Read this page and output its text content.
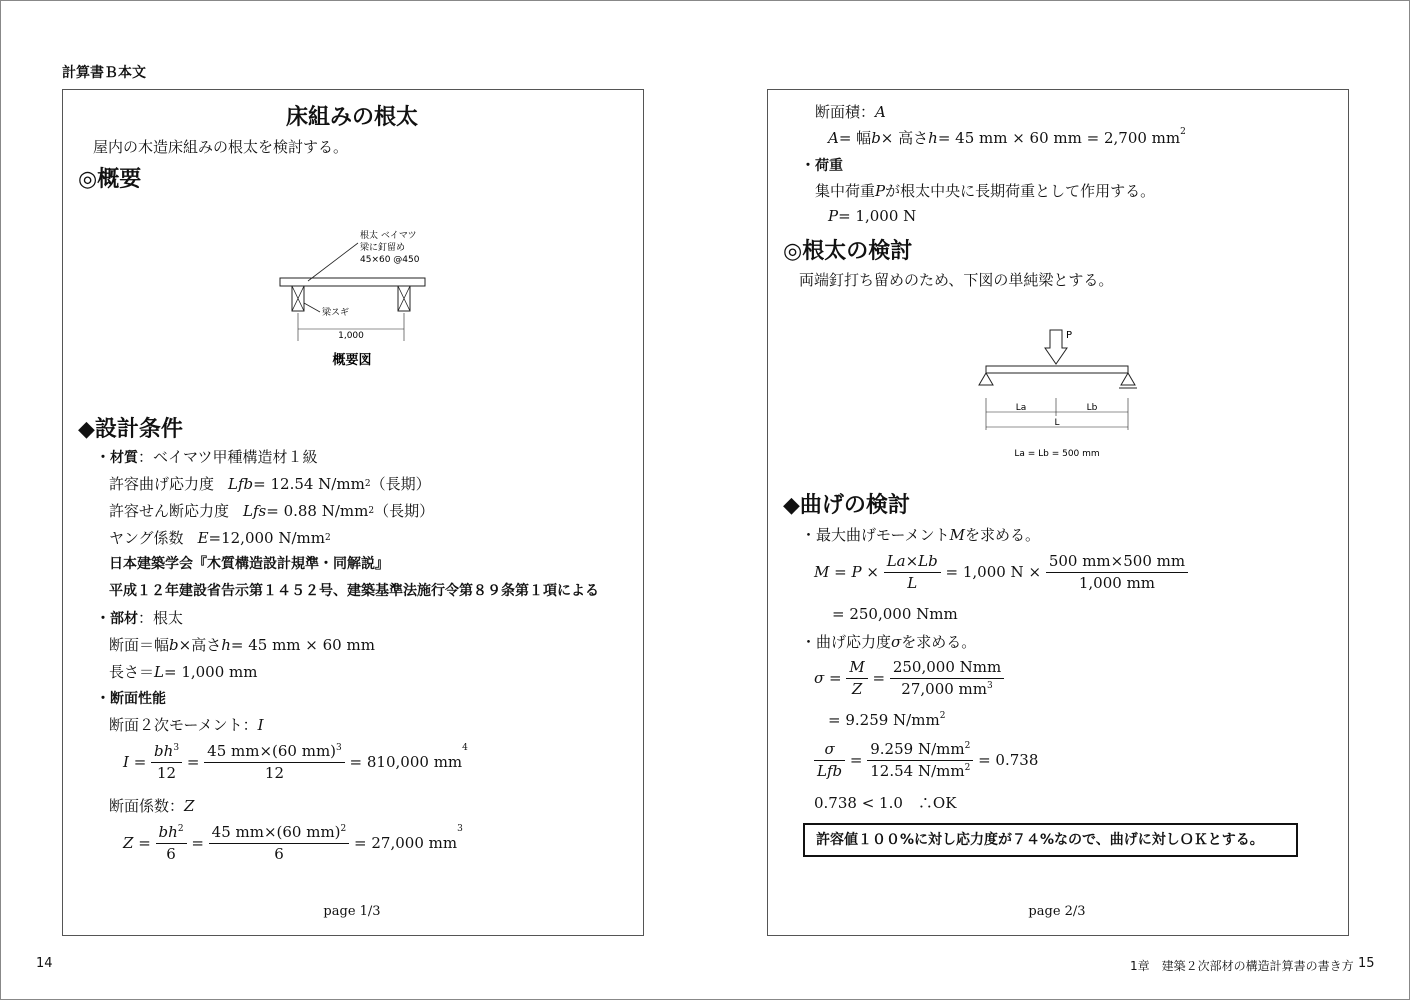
計算書Ｂ本文
14	1章　建築２次部材の構造計算書の書き方 15
床組みの根太
屋内の木造床組みの根太を検討する。
◎概要
根太 ベイマツ
梁に釘留め
45×60 @450
梁スギ
1,000
概要図
◆設計条件
・材質 ：ベイマツ甲種構造材１級
許容曲げ応力度 Lfb = 12.54 N/mm 2 （長期）
許容せん断応力度 Lfs = 0.88 N/mm 2 （長期）
ヤング係数 E =12,000 N/mm 2
日本建築学会『木質構造設計規準・同解説』
平成１２年建設省告示第１４５２号、建築基準法施行令第８９条第１項による
・部材 ：根太
断面＝幅 b ×高さ h = 45 mm × 60 mm
長さ＝ L = 1,000 mm
・断面性能
断面２次モーメント： I
$I = \frac{bh^3}{12} = \frac{45 mm\times(60 mm)^3}{12} = 810,000$ mm
4
断面係数： Z
$Z = \frac{bh^2}{6} = \frac{45 mm\times(60 mm)^2}{6} = 27,000$ mm
3
page 1/3
断面積： A
A = 幅 b × 高さ h = 45 mm × 60 mm = 2,700 $mm^2$
・荷重
集中荷重 P が根太中央に長期荷重として作用する。
P = 1,000 N
◎根太の検討
両端釘打ち留めのため、下図の単純梁とする。
P
La	Lb
L
La = Lb = 500 mm
◆曲げの検討
・最大曲げモーメント M を求める。
M = P ×
$\frac{La\times Lb}{L}$
= 1,000 N ×
$\frac{500 mm\times 500 mm}{1,000 mm}$
= 250,000 Nmm
・曲げ応力度 σ を求める。
$\sigma = \frac{M}{Z} = \frac{\text{250,000 Nmm}}{27,000 mm^3}$
= 9.259 $N/mm^2$
$\frac{\sigma}{\text{Lfb}} = \frac{9.259 N/mm^2}{12.54 N/mm^2}$
= 0.738
0.738 < 1.0　∴OK
許容値１００%に対し応力度が７４%なので、曲げに対しＯＫとする。
page 2/3
